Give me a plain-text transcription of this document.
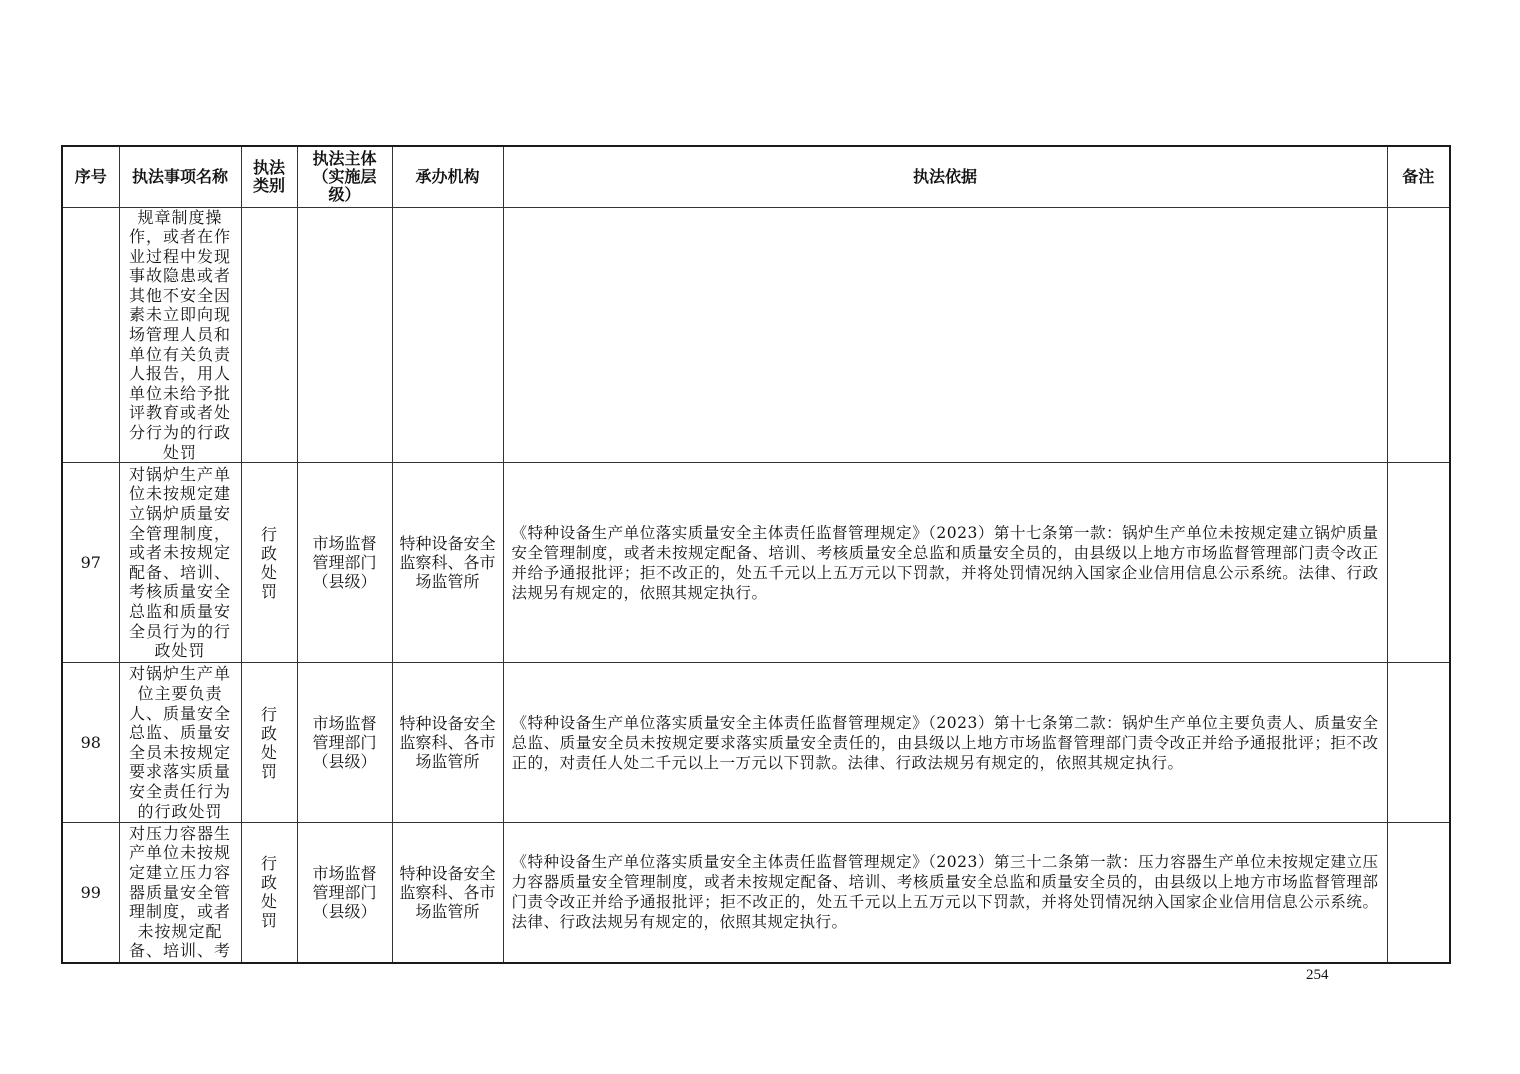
序号	执法事项名称	执法类别	执法主体（实施层级）	承办机构	执法依据	备注
	规章制度操作，或者在作业过程中发现事故隐患或者其他不安全因素未立即向现场管理人员和单位有关负责人报告，用人单位未给予批评教育或者处分行为的行政处罚					
97	对锅炉生产单位未按规定建立锅炉质量安全管理制度，或者未按规定配备、培训、考核质量安全总监和质量安全员行为的行政处罚	行政处罚	市场监督管理部门（县级）	特种设备安全监察科、各市场监管所	《特种设备生产单位落实质量安全主体责任监督管理规定》（2023）第十七条第一款：锅炉生产单位未按规定建立锅炉质量安全管理制度，或者未按规定配备、培训、考核质量安全总监和质量安全员的，由县级以上地方市场监督管理部门责令改正并给予通报批评；拒不改正的，处五千元以上五万元以下罚款，并将处罚情况纳入国家企业信用信息公示系统。法律、行政法规另有规定的，依照其规定执行。	
98	对锅炉生产单位主要负责人、质量安全总监、质量安全员未按规定要求落实质量安全责任行为的行政处罚	行政处罚	市场监督管理部门（县级）	特种设备安全监察科、各市场监管所	《特种设备生产单位落实质量安全主体责任监督管理规定》（2023）第十七条第二款：锅炉生产单位主要负责人、质量安全总监、质量安全员未按规定要求落实质量安全责任的，由县级以上地方市场监督管理部门责令改正并给予通报批评；拒不改正的，对责任人处二千元以上一万元以下罚款。法律、行政法规另有规定的，依照其规定执行。	
99	对压力容器生产单位未按规定建立压力容器质量安全管理制度，或者未按规定配备、培训、考	行政处罚	市场监督管理部门（县级）	特种设备安全监察科、各市场监管所	《特种设备生产单位落实质量安全主体责任监督管理规定》（2023）第三十二条第一款：压力容器生产单位未按规定建立压力容器质量安全管理制度，或者未按规定配备、培训、考核质量安全总监和质量安全员的，由县级以上地方市场监督管理部门责令改正并给予通报批评；拒不改正的，处五千元以上五万元以下罚款，并将处罚情况纳入国家企业信用信息公示系统。法律、行政法规另有规定的，依照其规定执行。	
254
